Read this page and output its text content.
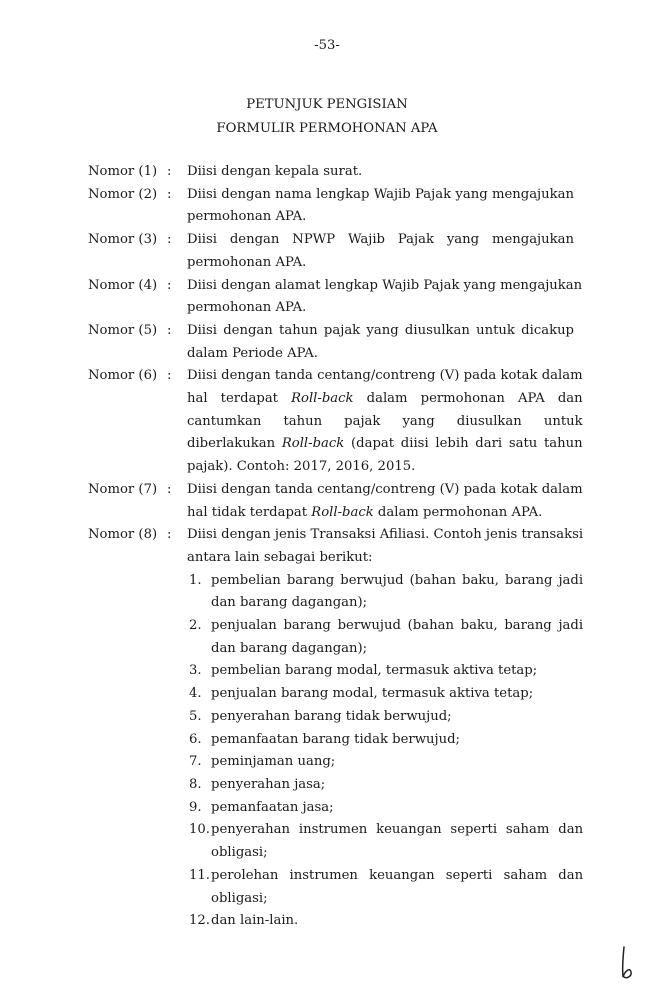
-53-
PETUNJUK PENGISIAN
FORMULIR PERMOHONAN APA
Nomor (1) :	Diisi dengan kepala surat.
Nomor (2) :	Diisi dengan nama lengkap Wajib Pajak yang mengajukan
permohonan APA.
Nomor (3) :	Diisi dengan NPWP Wajib Pajak yang mengajukan
permohonan APA.
Nomor (4) :	Diisi dengan alamat lengkap Wajib Pajak yang mengajukan
permohonan APA.
Nomor (5) :	Diisi dengan tahun pajak yang diusulkan untuk dicakup
dalam Periode APA.
Nomor (6) :	Diisi dengan tanda centang/contreng (V) pada kotak dalam
hal terdapat Roll-back dalam permohonan APA dan
cantumkan tahun pajak yang diusulkan untuk
diberlakukan Roll-back (dapat diisi lebih dari satu tahun
pajak). Contoh: 2017, 2016, 2015.
Nomor (7) :	Diisi dengan tanda centang/contreng (V) pada kotak dalam
hal tidak terdapat Roll-back dalam permohonan APA.
Nomor (8) :	Diisi dengan jenis Transaksi Afiliasi. Contoh jenis transaksi
antara lain sebagai berikut:
1. pembelian barang berwujud (bahan baku, barang jadi
dan barang dagangan);
2. penjualan barang berwujud (bahan baku, barang jadi
dan barang dagangan);
3. pembelian barang modal, termasuk aktiva tetap;
4. penjualan barang modal, termasuk aktiva tetap;
5. penyerahan barang tidak berwujud;
6. pemanfaatan barang tidak berwujud;
7. peminjaman uang;
8. penyerahan jasa;
9. pemanfaatan jasa;
10. penyerahan instrumen keuangan seperti saham dan
obligasi;
11. perolehan instrumen keuangan seperti saham dan
obligasi;
12. dan lain-lain.
